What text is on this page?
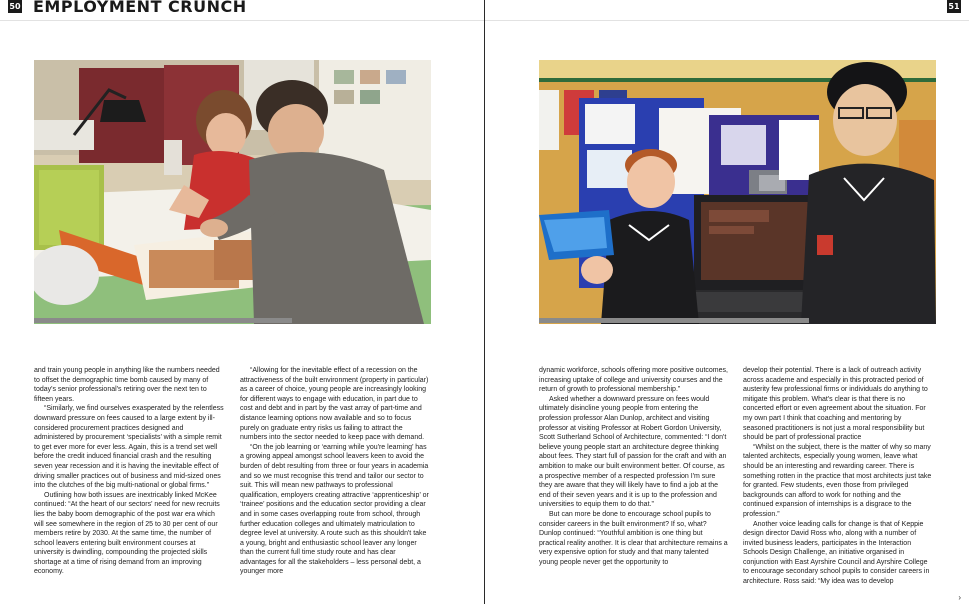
50 EMPLOYMENT CRUNCH

and train young people in anything like the numbers needed to offset the demographic time bomb caused by many of today's senior professional's retiring over the next ten to fifteen years.

“Similarly, we find ourselves exasperated by the relentless downward pressure on fees caused to a large extent by ill-considered procurement practices designed and administered by procurement ‘specialists’ with a simple remit to get ever more for ever less. Again, this is a trend set well before the credit induced financial crash and the resulting seven year recession and it is having the inevitable effect of driving smaller practices out of business and mid-sized ones into the clutches of the big multi-national or global firms.”

Outlining how both issues are inextricably linked McKee continued: “At the heart of our sectors' need for new recruits lies the baby boom demographic of the post war era which will see somewhere in the region of 25 to 30 per cent of our members retire by 2030. At the same time, the number of school leavers entering built environment courses at university is dwindling, compounding the projected skills shortage at a time of rising demand from an improving economy.

“Allowing for the inevitable effect of a recession on the attractiveness of the built environment (property in particular) as a career of choice, young people are increasingly looking for different ways to engage with education, in part due to cost and debt and in part by the vast array of part-time and distance learning options now available and so to focus purely on graduate entry risks us failing to attract the numbers into the sector needed to keep pace with demand.

“On the job learning or ‘earning while you're learning’ has a growing appeal amongst school leavers keen to avoid the burden of debt resulting from three or four years in academia and so we must recognise this trend and tailor our sector to suit. This will mean new pathways to professional qualification, employers creating attractive ‘apprenticeship’ or ‘trainee’ positions and the education sector providing a clear and in some cases overlapping route from school, through further education colleges and ultimately matriculation to degree level at university. A route such as this shouldn't take a young, bright and enthusiastic school leaver any longer than the current full time study route and has clear advantages for all the stakeholders – less personal debt, a younger more

51

dynamic workforce, schools offering more positive outcomes, increasing uptake of college and university courses and the return of growth to professional membership.”

Asked whether a downward pressure on fees would ultimately disincline young people from entering the profession professor Alan Dunlop, architect and visiting professor at visiting Professor at Robert Gordon University, Scott Sutherland School of Architecture, commented: “I don't believe young people start an architecture degree thinking about fees. They start full of passion for the craft and with an ambition to make our built environment better. Of course, as a prospective member of a respected profession I'm sure they are aware that they will likely have to find a job at the end of their seven years and it is up to the profession and universities to equip them to do that.”

But can more be done to encourage school pupils to consider careers in the built environment? If so, what? Dunlop continued: “Youthful ambition is one thing but practical reality another. It is clear that architecture remains a very expensive option for study and that many talented young people never get the opportunity to

develop their potential. There is a lack of outreach activity across academe and especially in this protracted period of austerity few professional firms or individuals do anything to mitigate this problem. What's clear is that there is no concerted effort or even agreement about the situation. For my own part I think that coaching and mentoring by seasoned practitioners is not just a moral responsibility but should be part of professional practice

“Whilst on the subject, there is the matter of why so many talented architects, especially young women, leave what should be an interesting and rewarding career. There is something rotten in the practice that most architects just take for granted. Few students, even those from privileged backgrounds can afford to work for nothing and the continued expansion of internships is a disgrace to the profession.”

Another voice leading calls for change is that of Keppie design director David Ross who, along with a number of invited business leaders, participates in the Interaction Schools Design Challenge, an initiative organised in conjunction with East Ayrshire Council and Ayrshire College to encourage secondary school pupils to consider careers in architecture. Ross said: “My idea was to develop

›
